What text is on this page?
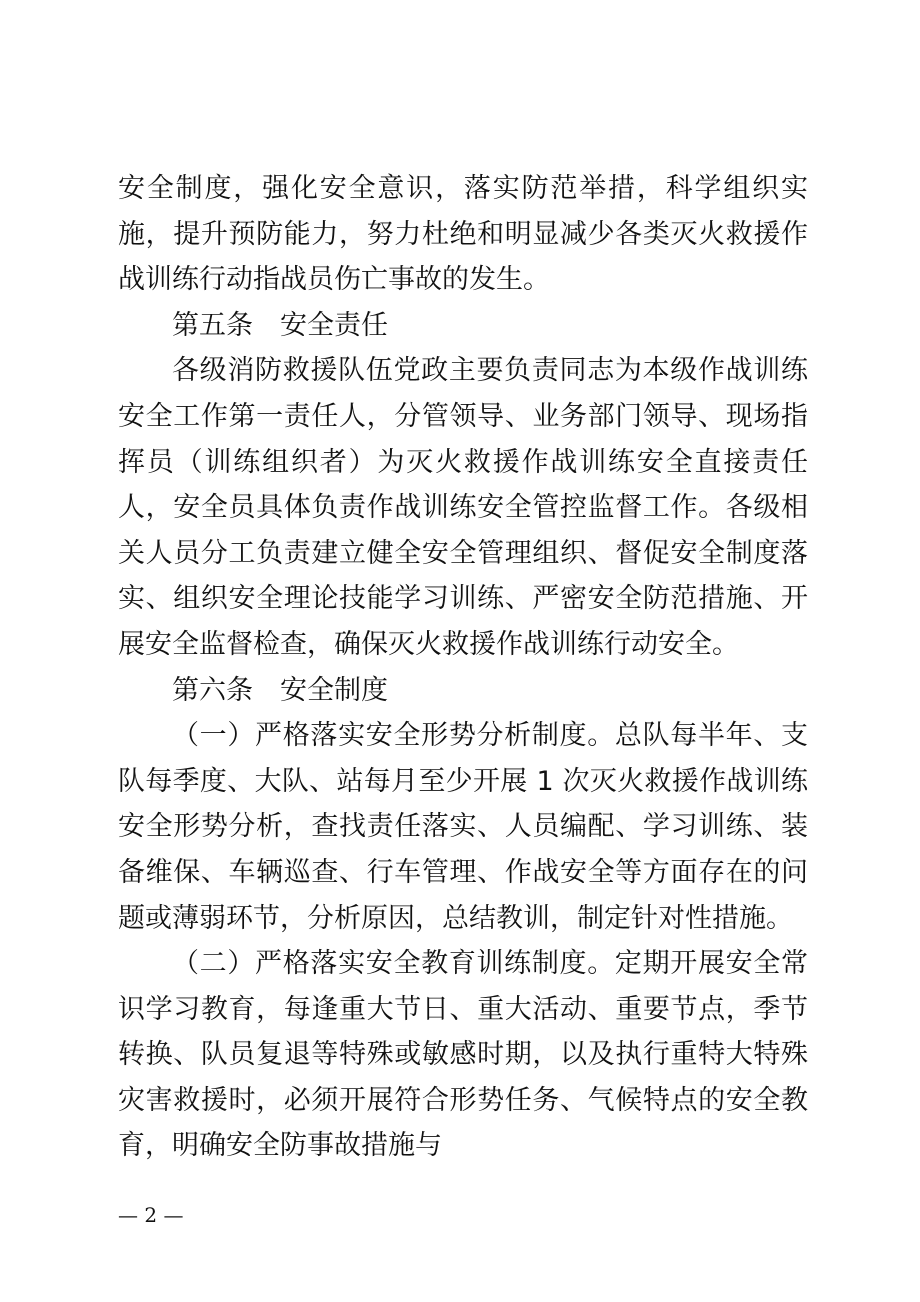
安全制度，强化安全意识，落实防范举措，科学组织实施，提升预防能力，努力杜绝和明显减少各类灭火救援作战训练行动指战员伤亡事故的发生。

第五条　安全责任

各级消防救援队伍党政主要负责同志为本级作战训练安全工作第一责任人，分管领导、业务部门领导、现场指挥员（训练组织者）为灭火救援作战训练安全直接责任人，安全员具体负责作战训练安全管控监督工作。各级相关人员分工负责建立健全安全管理组织、督促安全制度落实、组织安全理论技能学习训练、严密安全防范措施、开展安全监督检查，确保灭火救援作战训练行动安全。

第六条　安全制度

（一）严格落实安全形势分析制度。总队每半年、支队每季度、大队、站每月至少开展 1 次灭火救援作战训练安全形势分析，查找责任落实、人员编配、学习训练、装备维保、车辆巡查、行车管理、作战安全等方面存在的问题或薄弱环节，分析原因，总结教训，制定针对性措施。

（二）严格落实安全教育训练制度。定期开展安全常识学习教育，每逢重大节日、重大活动、重要节点，季节转换、队员复退等特殊或敏感时期，以及执行重特大特殊灾害救援时，必须开展符合形势任务、气候特点的安全教育，明确安全防事故措施与

— 2 —
